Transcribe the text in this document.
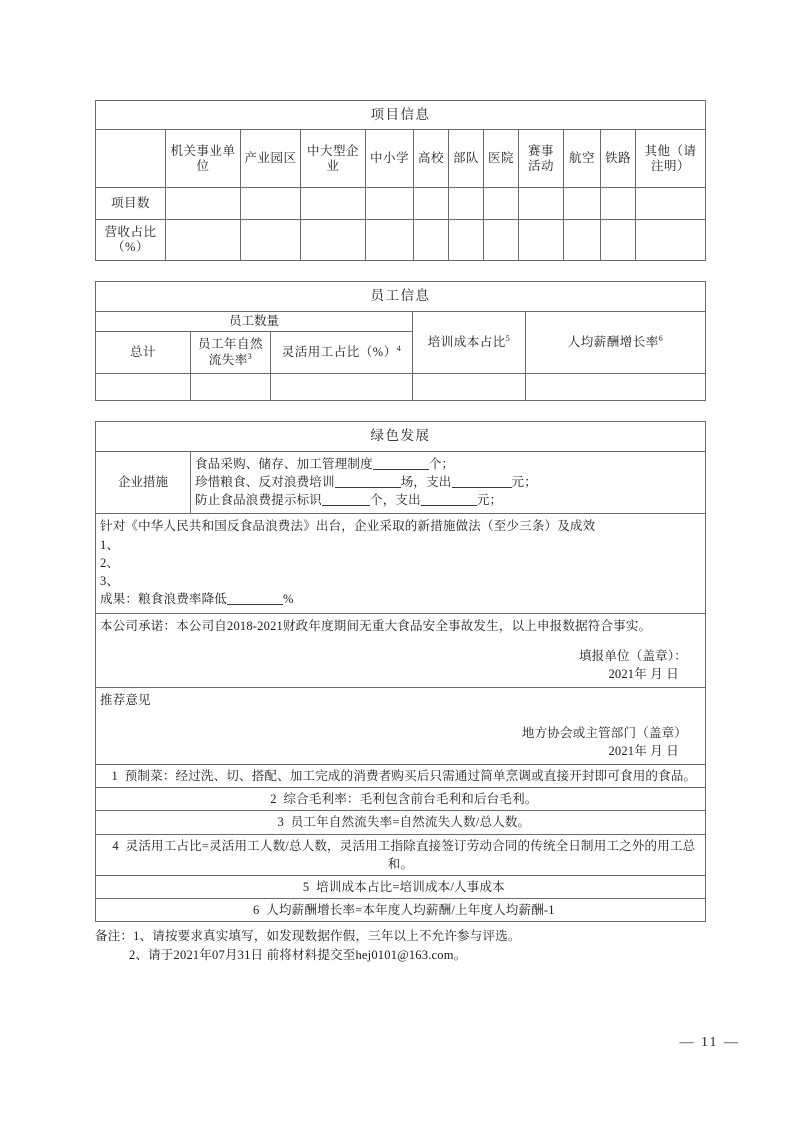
项目信息											
	机关事业单位	产业园区	中大型企业	中小学	高校	部队	医院	赛事活动	航空	铁路	其他（请注明）
项目数											
营收占比（%）											
员工信息				
员工数量			培训成本占比$^5$	人均薪酬增长率$^6$
总计	员工年自然流失率$^3$	灵活用工占比（%）$^4$

绿色发展
企业措施	
食品采购、储存、加工管理制度	个；
珍惜粮食、反对浪费培训	场，支出	元；
防止食品浪费提示标识	个，支出	元；

针对《中华人民共和国反食品浪费法》出台，企业采取的新措施做法（至少三条）及成效
1、
2、
3、
成果：粮食浪费率降低	%

本公司承诺：本公司自2018-2021财政年度期间无重大食品安全事故发生，以上申报数据符合事实。
填报单位（盖章）：
2021年 月 日

推荐意见
地方协会或主管部门（盖章）
2021年 月 日

1 预制菜：经过洗、切、搭配、加工完成的消费者购买后只需通过简单烹调或直接开封即可食用的食品。
2 综合毛利率：毛利包含前台毛利和后台毛利。
3 员工年自然流失率=自然流失人数/总人数。
4 灵活用工占比=灵活用工人数/总人数，灵活用工指除直接签订劳动合同的传统全日制用工之外的用工总和。
5 培训成本占比=培训成本/人事成本
6 人均薪酬增长率=本年度人均薪酬/上年度人均薪酬-1
备注：1、请按要求真实填写，如发现数据作假，三年以上不允许参与评选。
2、请于2021年07月31日 前将材料提交至hej0101@163.com。
— 11 —
